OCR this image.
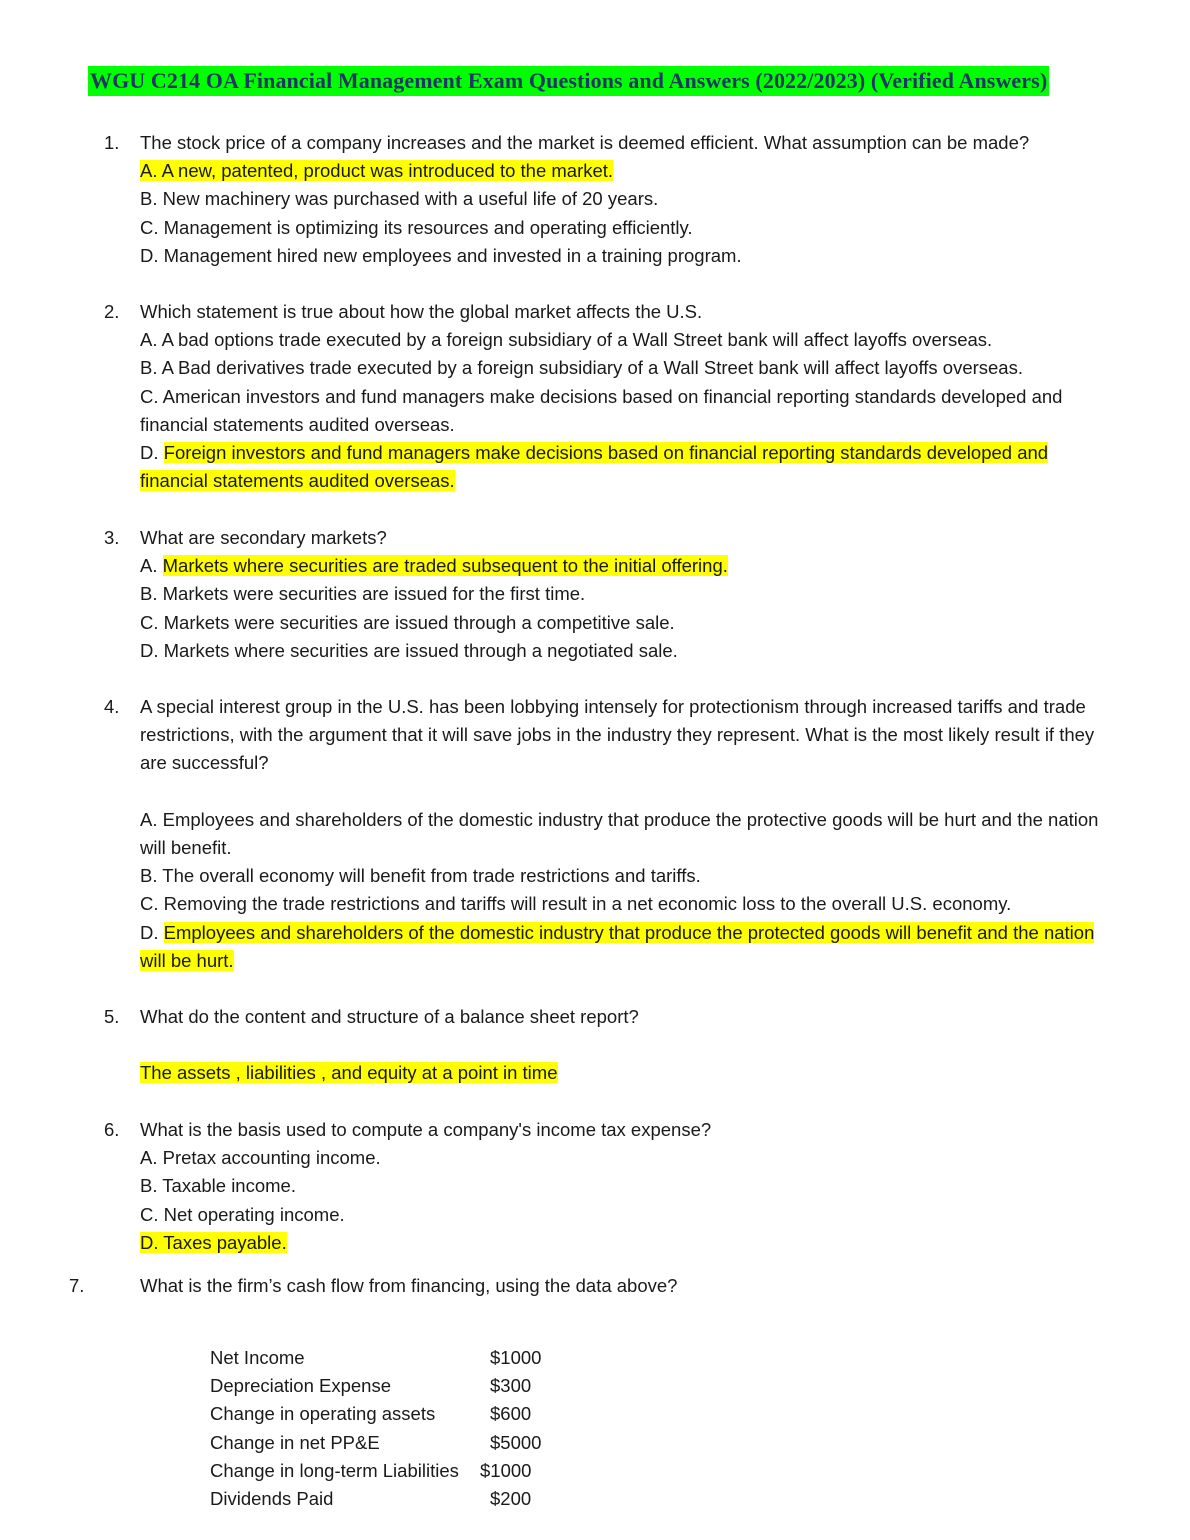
WGU C214 OA Financial Management Exam Questions and Answers (2022/2023) (Verified Answers)
1. The stock price of a company increases and the market is deemed efficient. What assumption can be made?
A. A new, patented, product was introduced to the market.
B. New machinery was purchased with a useful life of 20 years.
C. Management is optimizing its resources and operating efficiently.
D. Management hired new employees and invested in a training program.
2. Which statement is true about how the global market affects the U.S.
A. A bad options trade executed by a foreign subsidiary of a Wall Street bank will affect layoffs overseas.
B. A Bad derivatives trade executed by a foreign subsidiary of a Wall Street bank will affect layoffs overseas.
C. American investors and fund managers make decisions based on financial reporting standards developed and financial statements audited overseas.
D. Foreign investors and fund managers make decisions based on financial reporting standards developed and financial statements audited overseas.
3. What are secondary markets?
A. Markets where securities are traded subsequent to the initial offering.
B. Markets were securities are issued for the first time.
C. Markets were securities are issued through a competitive sale.
D. Markets where securities are issued through a negotiated sale.
4. A special interest group in the U.S. has been lobbying intensely for protectionism through increased tariffs and trade restrictions, with the argument that it will save jobs in the industry they represent. What is the most likely result if they are successful?
A. Employees and shareholders of the domestic industry that produce the protective goods will be hurt and the nation will benefit.
B. The overall economy will benefit from trade restrictions and tariffs.
C. Removing the trade restrictions and tariffs will result in a net economic loss to the overall U.S. economy.
D. Employees and shareholders of the domestic industry that produce the protected goods will benefit and the nation will be hurt.
5. What do the content and structure of a balance sheet report?
The assets , liabilities , and equity at a point in time
6. What is the basis used to compute a company's income tax expense?
A. Pretax accounting income.
B. Taxable income.
C. Net operating income.
D. Taxes payable.
7.	What is the firm’s cash flow from financing, using the data above?
Net Income	$1000
Depreciation Expense	$300
Change in operating assets	$600
Change in net PP&E	$5000
Change in long-term Liabilities $1000
Dividends Paid	$200
